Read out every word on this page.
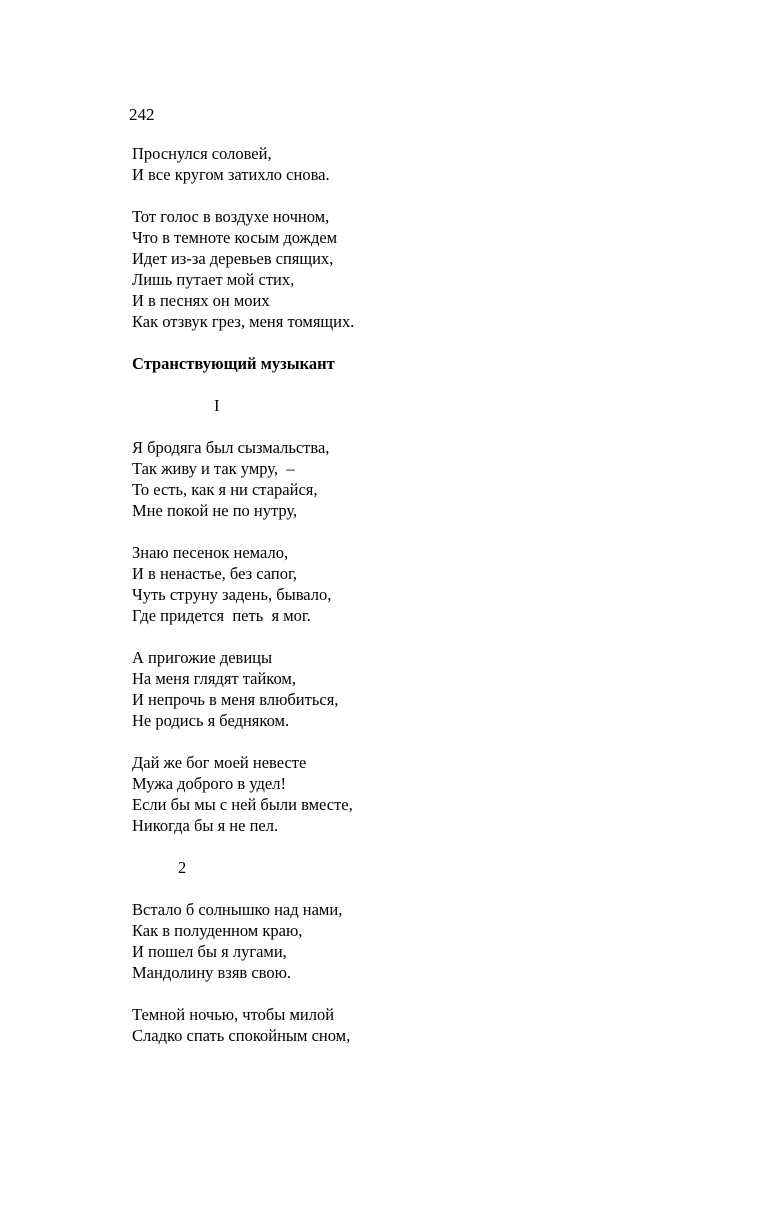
242
Проснулся соловей,
И все кругом затихло снова.
Тот голос в воздухе ночном,
Что в темноте косым дождем
Идет из-за деревьев спящих,
Лишь путает мой стих,
И в песнях он моих
Как отзвук грез, меня томящих.
Странствующий музыкант
I
Я бродяга был сызмальства,
Так живу и так умру,  –
То есть, как я ни старайся,
Мне покой не по нутру,
Знаю песенок немало,
И в ненастье, без сапог,
Чуть струну задень, бывало,
Где придется  петь  я мог.
А пригожие девицы
На меня глядят тайком,
И непрочь в меня влюбиться,
Не родись я бедняком.
Дай же бог моей невесте
Мужа доброго в удел!
Если бы мы с ней были вместе,
Никогда бы я не пел.
2
Встало б солнышко над нами,
Как в полуденном краю,
И пошел бы я лугами,
Мандолину взяв свою.
Темной ночью, чтобы милой
Сладко спать спокойным сном,
